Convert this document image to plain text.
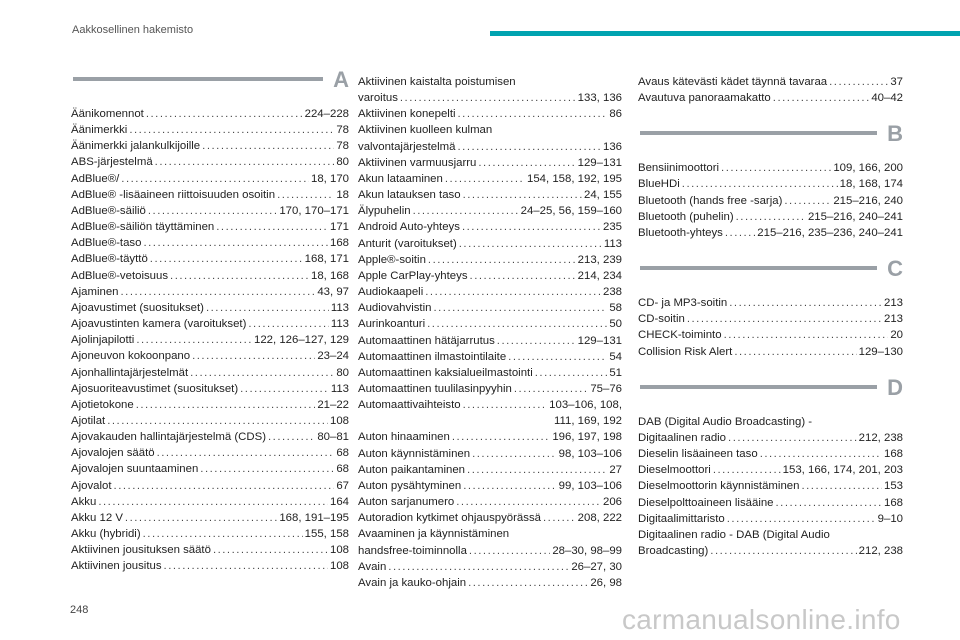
Aakkosellinen hakemisto
A
Äänikomennot .....	224–228
Äänimerkki .....	78
Äänimerkki jalankulkijoille .....	78
ABS-järjestelmä .....	80
AdBlue®/ .....	18, 170
AdBlue® -lisäaineen riittoisuuden osoitin .....	18
AdBlue®-säiliö .....	170, 170–171
AdBlue®-säiliön täyttäminen .....	171
AdBlue®-taso .....	168
AdBlue®-täyttö .....	168, 171
AdBlue®-vetoisuus .....	18, 168
Ajaminen .....	43, 97
Ajoavustimet (suositukset) .....	113
Ajoavustinten kamera (varoitukset) .....	113
Ajolinjapilotti .....	122, 126–127, 129
Ajoneuvon kokoonpano .....	23–24
Ajonhallintajärjestelmät .....	80
Ajosuoriteavustimet (suositukset) .....	113
Ajotietokone .....	21–22
Ajotilat .....	108
Ajovakauden hallintajärjestelmä (CDS) .....	80–81
Ajovalojen säätö .....	68
Ajovalojen suuntaaminen .....	68
Ajovalot .....	67
Akku .....	164
Akku 12 V .....	168, 191–195
Akku (hybridi) .....	155, 158
Aktiivinen jousituksen säätö .....	108
Aktiivinen jousitus .....	108
Aktiivinen kaistalta poistumisen
varoitus .....	133, 136
Aktiivinen konepelti .....	86
Aktiivinen kuolleen kulman
valvontajärjestelmä .....	136
Aktiivinen varmuusjarru .....	129–131
Akun lataaminen .....	154, 158, 192, 195
Akun latauksen taso .....	24, 155
Älypuhelin .....	24–25, 56, 159–160
Android Auto-yhteys .....	235
Anturit (varoitukset) .....	113
Apple®-soitin .....	213, 239
Apple CarPlay-yhteys .....	214, 234
Audiokaapeli .....	238
Audiovahvistin .....	58
Aurinkoanturi .....	50
Automaattinen hätäjarrutus .....	129–131
Automaattinen ilmastointilaite .....	54
Automaattinen kaksialueilmastointi .....	51
Automaattinen tuulilasinpyyhin .....	75–76
Automaattivaihteisto .....	103–106, 108,
111, 169, 192
Auton hinaaminen .....	196, 197, 198
Auton käynnistäminen .....	98, 103–106
Auton paikantaminen .....	27
Auton pysähtyminen .....	99, 103–106
Auton sarjanumero .....	206
Autoradion kytkimet ohjauspyörässä .....	208, 222
Avaaminen ja käynnistäminen
handsfree-toiminnolla .....	28–30, 98–99
Avain .....	26–27, 30
Avain ja kauko-ohjain .....	26, 98
Avaus kätevästi kädet täynnä tavaraa .....	37
Avautuva panoraamakatto .....	40–42
B
Bensiinimoottori .....	109, 166, 200
BlueHDi .....	18, 168, 174
Bluetooth (hands free -sarja) .....	215–216, 240
Bluetooth (puhelin) .....	215–216, 240–241
Bluetooth-yhteys .....	215–216, 235–236, 240–241
C
CD- ja MP3-soitin .....	213
CD-soitin .....	213
CHECK-toiminto .....	20
Collision Risk Alert .....	129–130
D
DAB (Digital Audio Broadcasting) -
Digitaalinen radio .....	212, 238
Dieselin lisäaineen taso .....	168
Dieselmoottori .....	153, 166, 174, 201, 203
Dieselmoottorin käynnistäminen .....	153
Dieselpolttoaineen lisääine .....	168
Digitaalimittaristo .....	9–10
Digitaalinen radio - DAB (Digital Audio
Broadcasting) .....	212, 238
248	carmanualsonline.info
